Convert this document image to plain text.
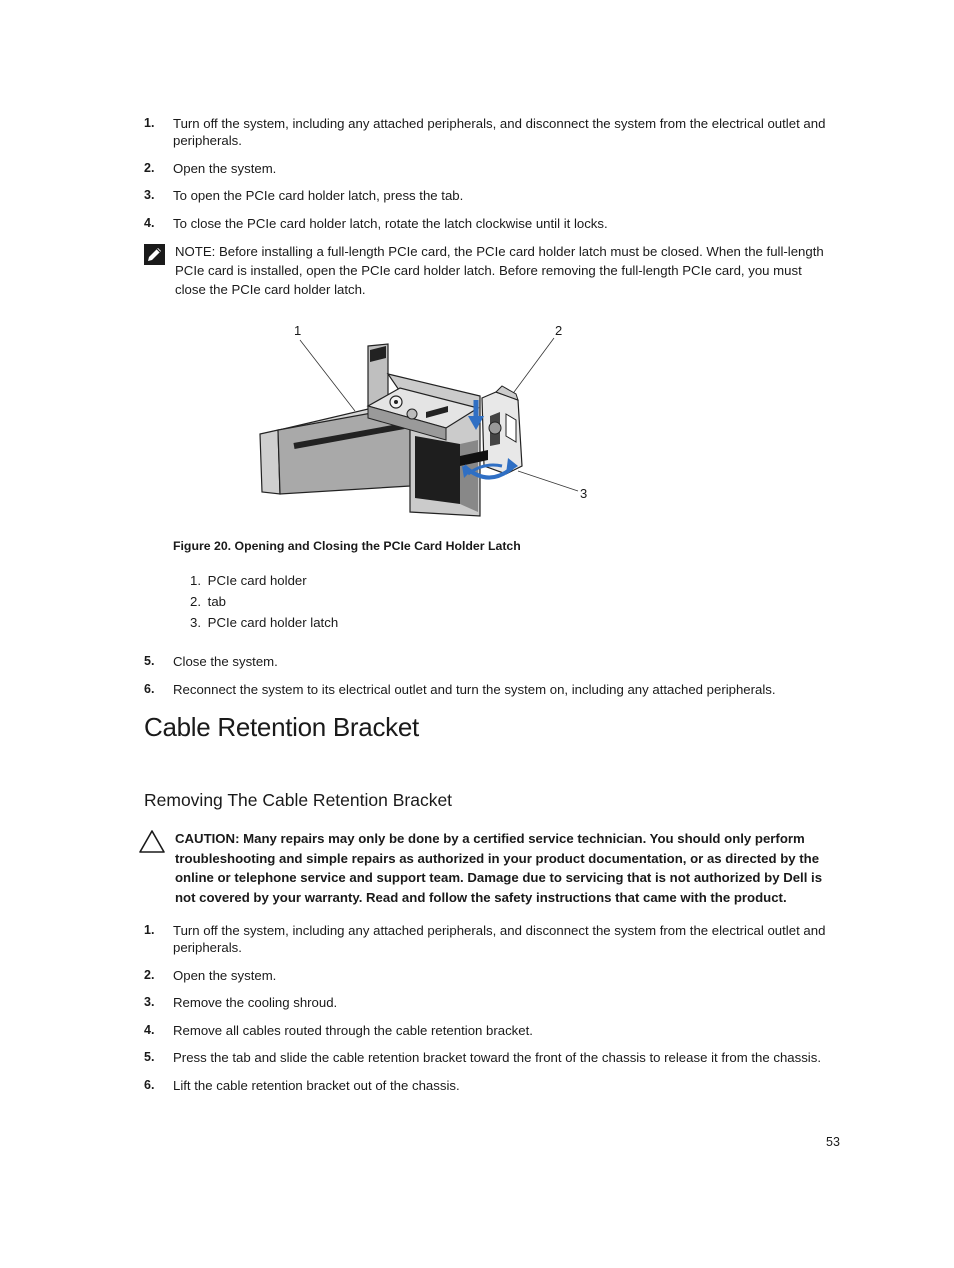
1. Turn off the system, including any attached peripherals, and disconnect the system from the electrical outlet and peripherals.
2. Open the system.
3. To open the PCIe card holder latch, press the tab.
4. To close the PCIe card holder latch, rotate the latch clockwise until it locks.
NOTE: Before installing a full-length PCIe card, the PCIe card holder latch must be closed. When the full-length PCIe card is installed, open the PCIe card holder latch. Before removing the full-length PCIe card, you must close the PCIe card holder latch.
1	2
3
Figure 20. Opening and Closing the PCIe Card Holder Latch
1. PCIe card holder
2. tab
3. PCIe card holder latch
5. Close the system.
6. Reconnect the system to its electrical outlet and turn the system on, including any attached peripherals.
Cable Retention Bracket
Removing The Cable Retention Bracket
CAUTION: Many repairs may only be done by a certified service technician. You should only perform troubleshooting and simple repairs as authorized in your product documentation, or as directed by the online or telephone service and support team. Damage due to servicing that is not authorized by Dell is not covered by your warranty. Read and follow the safety instructions that came with the product.
1. Turn off the system, including any attached peripherals, and disconnect the system from the electrical outlet and peripherals.
2. Open the system.
3. Remove the cooling shroud.
4. Remove all cables routed through the cable retention bracket.
5. Press the tab and slide the cable retention bracket toward the front of the chassis to release it from the chassis.
6. Lift the cable retention bracket out of the chassis.
53
